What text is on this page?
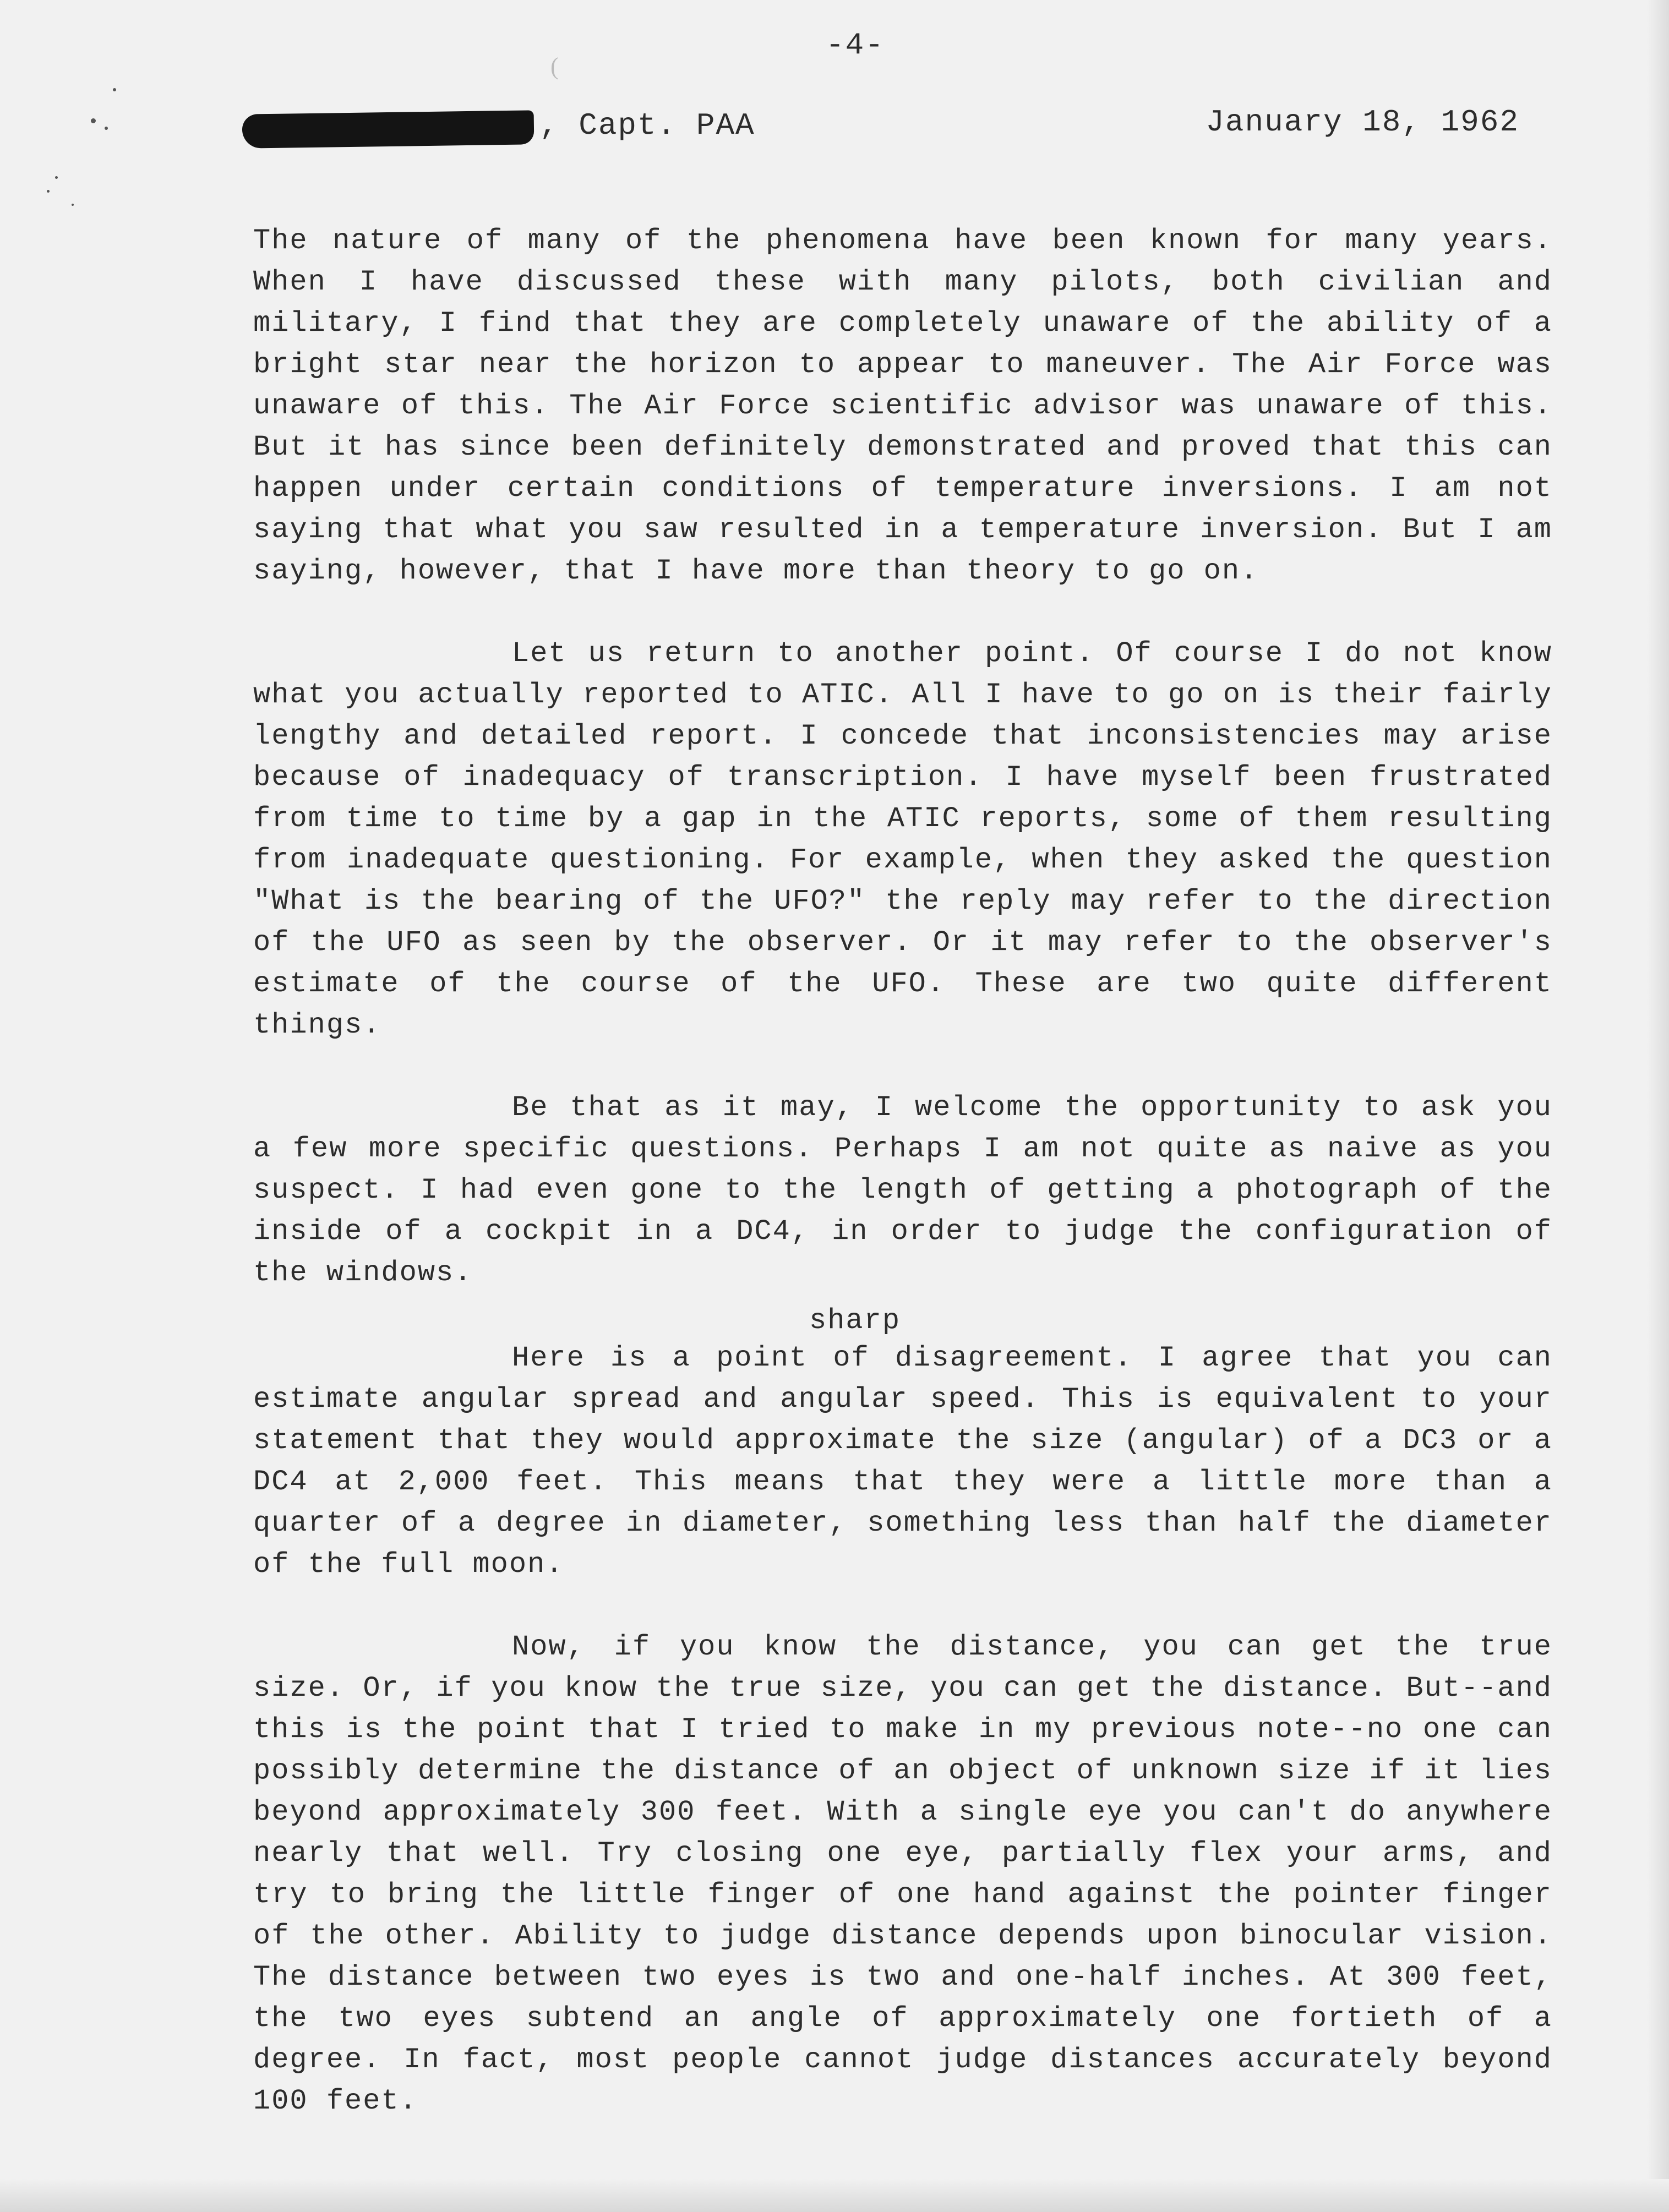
(
-4-
, Capt. PAA	January 18, 1962

The nature of many of the phenomena have been known for many years. When I have discussed these with many pilots, both civilian and military, I find that they are completely unaware of the ability of a bright star near the horizon to appear to maneuver. The Air Force was unaware of this. The Air Force scientific advisor was unaware of this. But it has since been definitely demonstrated and proved that this can happen under certain conditions of temperature inversions. I am not saying that what you saw resulted in a temperature inversion. But I am saying, however, that I have more than theory to go on.

Let us return to another point. Of course I do not know what you actually reported to ATIC. All I have to go on is their fairly lengthy and detailed report. I concede that inconsistencies may arise because of inadequacy of transcription. I have myself been frustrated from time to time by a gap in the ATIC reports, some of them resulting from inadequate questioning. For example, when they asked the question "What is the bearing of the UFO?" the reply may refer to the direction of the UFO as seen by the observer. Or it may refer to the observer's estimate of the course of the UFO. These are two quite different things.

Be that as it may, I welcome the opportunity to ask you a few more specific questions. Perhaps I am not quite as naive as you suspect. I had even gone to the length of getting a photograph of the inside of a cockpit in a DC4, in order to judge the configuration of the windows.

sharp

Here is a point of disagreement. I agree that you can estimate angular spread and angular speed. This is equivalent to your statement that they would approximate the size (angular) of a DC3 or a DC4 at 2,000 feet. This means that they were a little more than a quarter of a degree in diameter, something less than half the diameter of the full moon.

Now, if you know the distance, you can get the true size. Or, if you know the true size, you can get the distance. But--and this is the point that I tried to make in my previous note--no one can possibly determine the distance of an object of unknown size if it lies beyond approximately 300 feet. With a single eye you can't do anywhere nearly that well. Try closing one eye, partially flex your arms, and try to bring the little finger of one hand against the pointer finger of the other. Ability to judge distance depends upon binocular vision. The distance between two eyes is two and one-half inches. At 300 feet, the two eyes subtend an angle of approximately one fortieth of a degree. In fact, most people cannot judge distances accurately beyond 100 feet.
